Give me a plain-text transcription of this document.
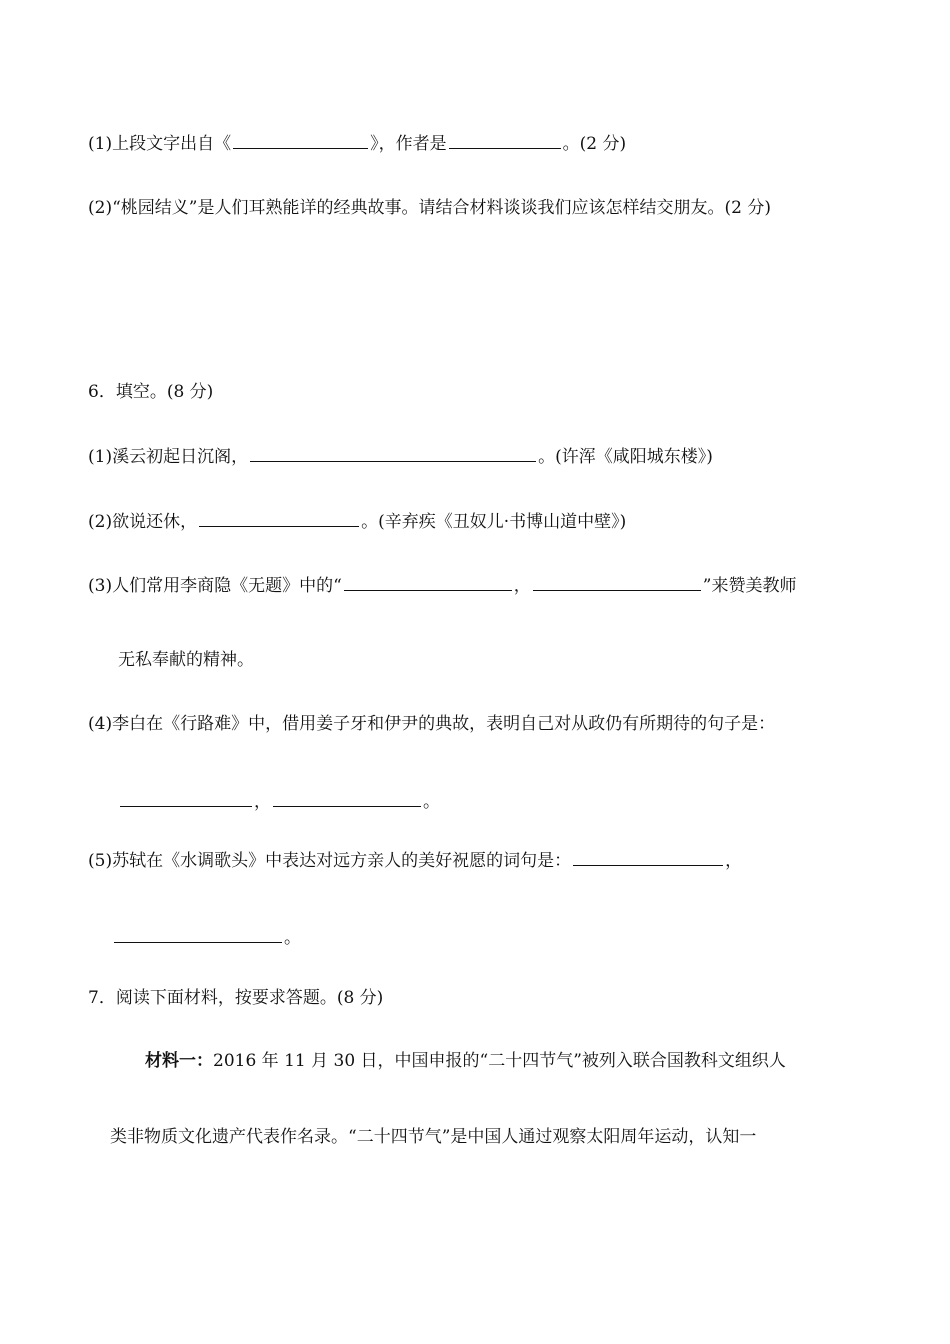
(1)上段文字出自《	》，作者是	。(2 分)
(2)“桃园结义”是人们耳熟能详的经典故事。请结合材料谈谈我们应该怎样结交朋友。(2 分)
6．填空。(8 分)
(1)溪云初起日沉阁，	。(许浑《咸阳城东楼》)
(2)欲说还休，	。(辛弃疾《丑奴儿·书博山道中壁》)
(3)人们常用李商隐《无题》中的“	，	”来赞美教师
无私奉献的精神。
(4)李白在《行路难》中，借用姜子牙和伊尹的典故，表明自己对从政仍有所期待的句子是：
，	。
(5)苏轼在《水调歌头》中表达对远方亲人的美好祝愿的词句是：	，
。
7．阅读下面材料，按要求答题。(8 分)
材料一：2016 年 11 月 30 日，中国申报的“二十四节气”被列入联合国教科文组织人
类非物质文化遗产代表作名录。“二十四节气”是中国人通过观察太阳周年运动，认知一
